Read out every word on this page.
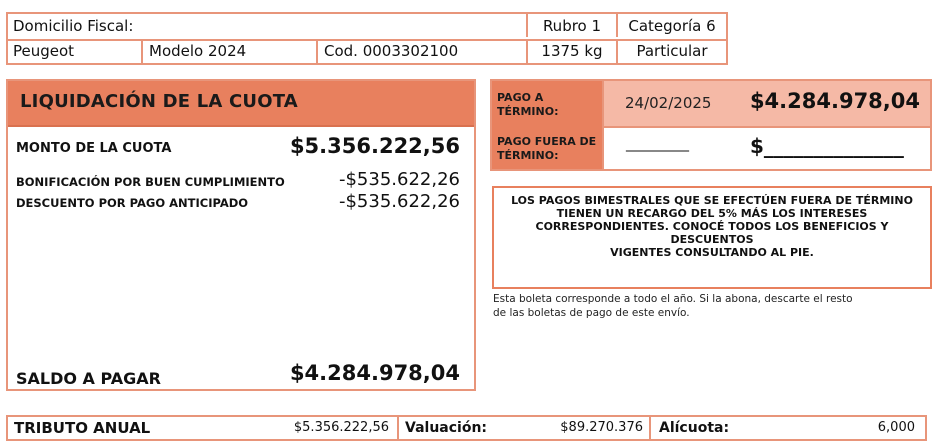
Domicilio Fiscal:	Rubro 1	Categoría 6
Peugeot	Modelo 2024	Cod. 0003302100	1375 kg	Particular
LIQUIDACIÓN DE LA CUOTA
MONTO DE LA CUOTA	$5.356.222,56
BONIFICACIÓN POR BUEN CUMPLIMIENTO	-$535.622,26
DESCUENTO POR PAGO ANTICIPADO	-$535.622,26
SALDO A PAGAR	$4.284.978,04
PAGO A
TÉRMINO:	24/02/2025 $4.284.978,04
PAGO FUERA DE
TÉRMINO:
_________	$______________
LOS PAGOS BIMESTRALES QUE SE EFECTÚEN FUERA DE TÉRMINO
TIENEN UN RECARGO DEL 5% MÁS LOS INTERESES
CORRESPONDIENTES. CONOCÉ TODOS LOS BENEFICIOS Y DESCUENTOS
VIGENTES CONSULTANDO AL PIE.
Esta boleta corresponde a todo el año. Si la abona, descarte el resto
de las boletas de pago de este envío.
TRIBUTO ANUAL	$5.356.222,56 Valuación:	$89.270.376 Alícuota:	6,000
